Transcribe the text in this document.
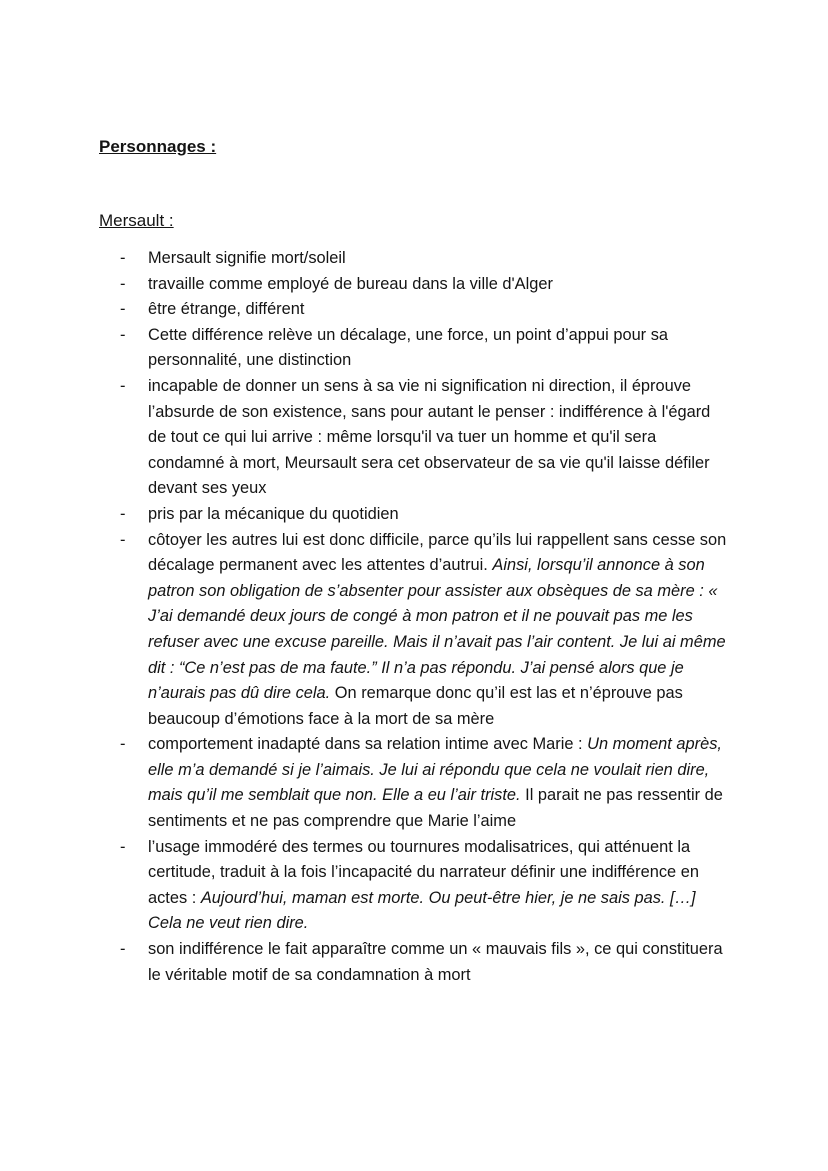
Personnages :
Mersault :
- Mersault signifie mort/soleil
- travaille comme employé de bureau dans la ville d'Alger
- être étrange, différent
- Cette différence relève un décalage, une force, un point d’appui pour sa personnalité, une distinction
- incapable de donner un sens à sa vie ni signification ni direction, il éprouve l’absurde de son existence, sans pour autant le penser : indifférence à l'égard de tout ce qui lui arrive : même lorsqu'il va tuer un homme et qu'il sera condamné à mort, Meursault sera cet observateur de sa vie qu'il laisse défiler devant ses yeux
- pris par la mécanique du quotidien
- côtoyer les autres lui est donc difficile, parce qu’ils lui rappellent sans cesse son décalage permanent avec les attentes d’autrui. Ainsi, lorsqu’il annonce à son patron son obligation de s’absenter pour assister aux obsèques de sa mère : « J’ai demandé deux jours de congé à mon patron et il ne pouvait pas me les refuser avec une excuse pareille. Mais il n’avait pas l’air content. Je lui ai même dit : “Ce n’est pas de ma faute.” Il n’a pas répondu. J’ai pensé alors que je n’aurais pas dû dire cela. On remarque donc qu’il est las et n’éprouve pas beaucoup d’émotions face à la mort de sa mère
- comportement inadapté dans sa relation intime avec Marie : Un moment après, elle m’a demandé si je l’aimais. Je lui ai répondu que cela ne voulait rien dire, mais qu’il me semblait que non. Elle a eu l’air triste. Il parait ne pas ressentir de sentiments et ne pas comprendre que Marie l’aime
- l’usage immodéré des termes ou tournures modalisatrices, qui atténuent la certitude, traduit à la fois l’incapacité du narrateur définir une indifférence en actes : Aujourd’hui, maman est morte. Ou peut-être hier, je ne sais pas. […] Cela ne veut rien dire.
- son indifférence le fait apparaître comme un « mauvais fils », ce qui constituera le véritable motif de sa condamnation à mort
